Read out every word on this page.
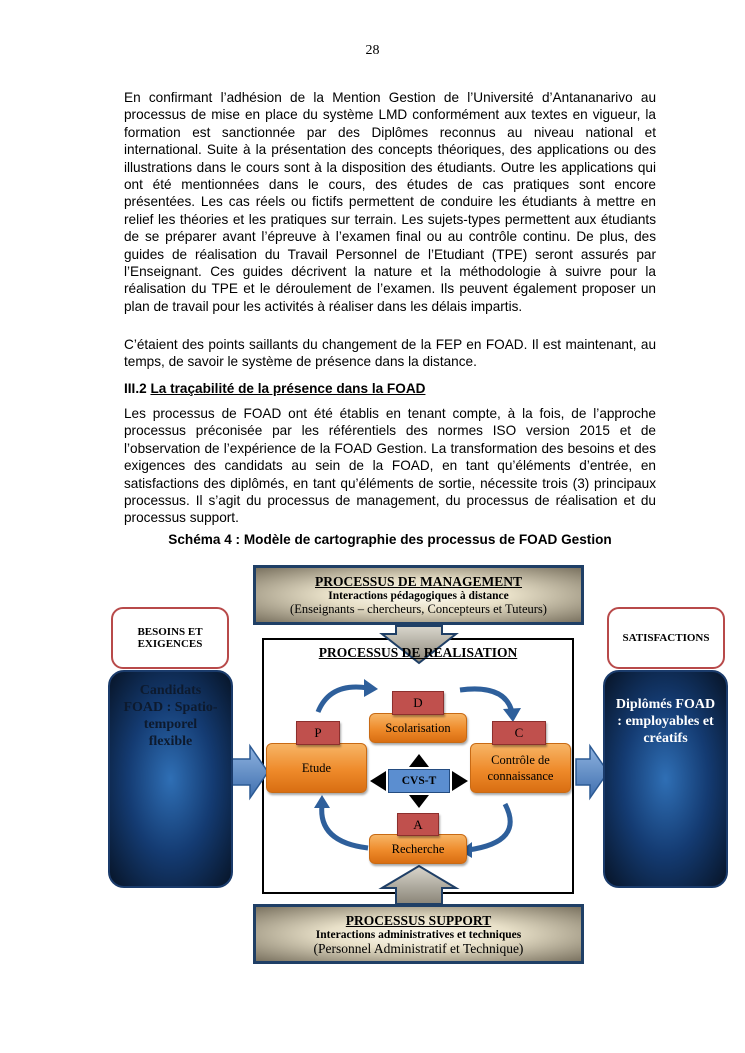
28

En confirmant l’adhésion de la Mention Gestion de l’Université d’Antananarivo au processus de mise en place du système LMD conformément aux textes en vigueur, la formation est sanctionnée par des Diplômes reconnus au niveau national et international. Suite à la présentation des concepts théoriques, des applications ou des illustrations dans le cours sont à la disposition des étudiants. Outre les applications qui ont été mentionnées dans le cours, des études de cas pratiques sont encore présentées. Les cas réels ou fictifs permettent de conduire les étudiants à mettre en relief les théories et les pratiques sur terrain. Les sujets-types permettent aux étudiants de se préparer avant l’épreuve à l’examen final ou au contrôle continu. De plus, des guides de réalisation du Travail Personnel de l’Etudiant (TPE) seront assurés par l’Enseignant. Ces guides décrivent la nature et la méthodologie à suivre pour la réalisation du TPE et le déroulement de l’examen. Ils peuvent également proposer un plan de travail pour les activités à réaliser dans les délais impartis.

C’étaient des points saillants du changement de la FEP en FOAD. Il est maintenant, au temps, de savoir le système de présence dans la distance.

III.2 La traçabilité de la présence dans la FOAD

Les processus de FOAD ont été établis en tenant compte, à la fois, de l’approche processus préconisée par les référentiels des normes ISO version 2015 et de l’observation de l’expérience de la FOAD Gestion. La transformation des besoins et des exigences des candidats au sein de la FOAD, en tant qu’éléments d’entrée, en satisfactions des diplômés, en tant qu’éléments de sortie, nécessite trois (3) principaux processus. Il s’agit du processus de management, du processus de réalisation et du processus support.

Schéma 4 : Modèle de cartographie des processus de FOAD Gestion
PROCESSUS DE MANAGEMENT
Interactions pédagogiques à distance
(Enseignants – chercheurs, Concepteurs et Tuteurs)
PROCESSUS SUPPORT
Interactions administratives et techniques
(Personnel Administratif et Technique)
PROCESSUS DE REALISATION
BESOINS ET EXIGENCES	SATISFACTIONS
Candidats FOAD : Spatio-temporel flexible
Diplômés FOAD : employables et créatifs
Scolarisation
Etude
Contrôle de connaissance
Recherche
D
P	C
A
CVS-T
